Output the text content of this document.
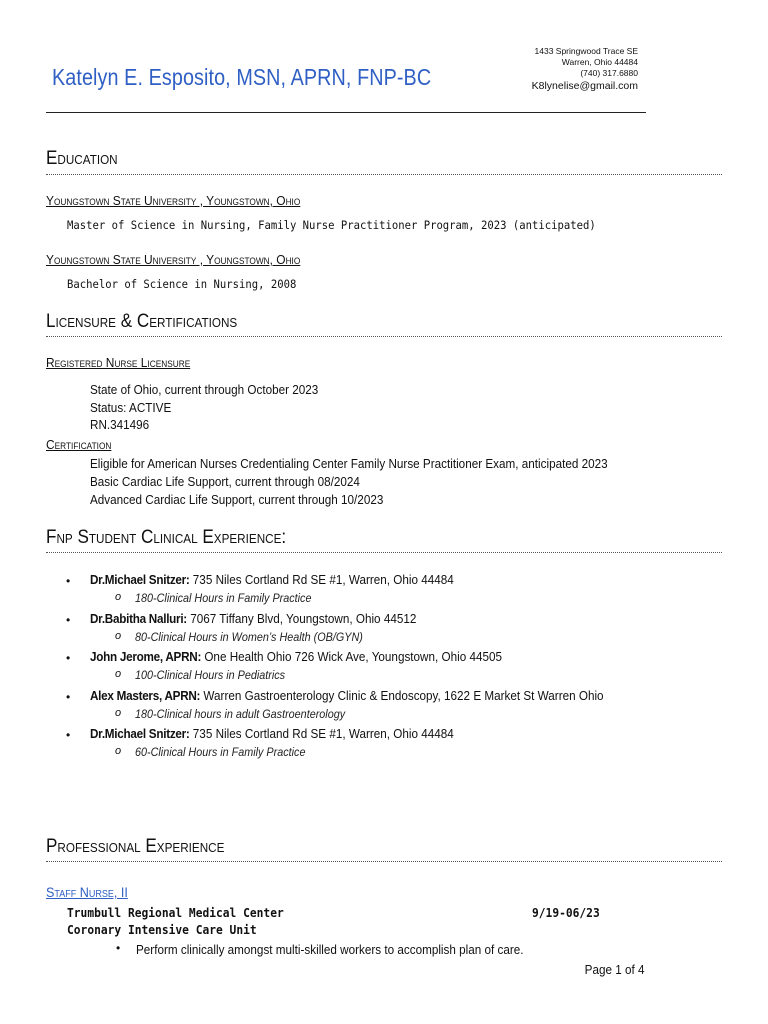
Katelyn E. Esposito, MSN, APRN, FNP-BC
1433 Springwood Trace SE
Warren, Ohio 44484
(740) 317.6880
K8lynelise@gmail.com
Education
Youngstown State University , Youngstown, Ohio
Master of Science in Nursing, Family Nurse Practitioner Program, 2023 (anticipated)
Youngstown State University , Youngstown, Ohio
Bachelor of Science in Nursing, 2008
Licensure & Certifications
Registered Nurse Licensure
State of Ohio, current through October 2023
Status: ACTIVE
RN.341496
Certification
Eligible for American Nurses Credentialing Center Family Nurse Practitioner Exam, anticipated 2023
Basic Cardiac Life Support, current through 08/2024
Advanced Cardiac Life Support, current through 10/2023
Fnp Student Clinical Experience:
• Dr.Michael Snitzer: 735 Niles Cortland Rd SE #1, Warren, Ohio 44484
o 180-Clinical Hours in Family Practice
• Dr.Babitha Nalluri: 7067 Tiffany Blvd, Youngstown, Ohio 44512
o 80-Clinical Hours in Women’s Health (OB/GYN)
• John Jerome, APRN: One Health Ohio 726 Wick Ave, Youngstown, Ohio 44505
o 100-Clinical Hours in Pediatrics
• Alex Masters, APRN: Warren Gastroenterology Clinic & Endoscopy, 1622 E Market St Warren Ohio
o 180-Clinical hours in adult Gastroenterology
• Dr.Michael Snitzer: 735 Niles Cortland Rd SE #1, Warren, Ohio 44484
o 60-Clinical Hours in Family Practice
Professional Experience
Staff Nurse, II
Trumbull Regional Medical Center	9/19-06/23
Coronary Intensive Care Unit
• Perform clinically amongst multi-skilled workers to accomplish plan of care.
Page 1 of 4
